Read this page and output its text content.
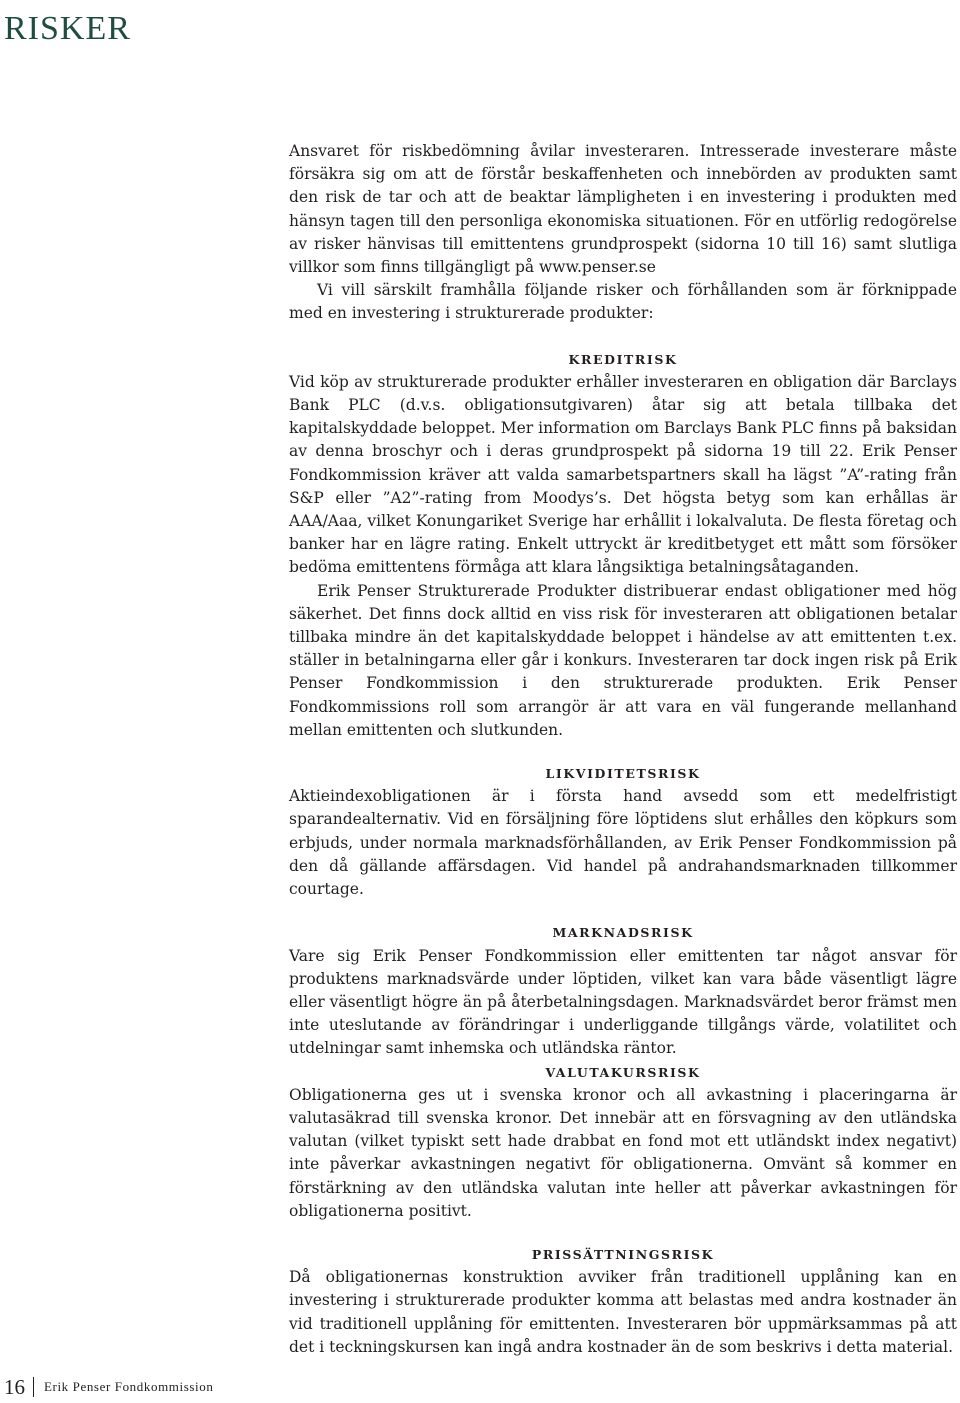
RISKER

Ansvaret för riskbedömning åvilar investeraren. Intresserade investerare måste försäkra sig om att de förstår beskaffenheten och innebörden av produkten samt den risk de tar och att de beaktar lämpligheten i en investering i produkten med hänsyn tagen till den personliga ekonomiska situationen. För en utförlig redogörelse av risker hänvisas till emittentens grundprospekt (sidorna 10 till 16) samt slutliga villkor som finns tillgängligt på www.penser.se

Vi vill särskilt framhålla följande risker och förhållanden som är förknippade med en investering i strukturerade produkter:

KREDITRISK

Vid köp av strukturerade produkter erhåller investeraren en obligation där Barclays Bank PLC (d.v.s. obligationsutgivaren) åtar sig att betala tillbaka det kapitalskyddade beloppet. Mer information om Barclays Bank PLC finns på baksidan av denna broschyr och i deras grundprospekt på sidorna 19 till 22. Erik Penser Fondkommission kräver att valda samarbetspartners skall ha lägst ”A”-rating från S&P eller ”A2”-rating from Moodys’s. Det högsta betyg som kan erhållas är AAA/Aaa, vilket Konungariket Sverige har erhållit i lokalvaluta. De flesta företag och banker har en lägre rating. Enkelt uttryckt är kreditbetyget ett mått som försöker bedöma emittentens förmåga att klara långsiktiga betalningsåtaganden.

Erik Penser Strukturerade Produkter distribuerar endast obligationer med hög säkerhet. Det finns dock alltid en viss risk för investeraren att obligationen betalar tillbaka mindre än det kapitalskyddade beloppet i händelse av att emittenten t.ex. ställer in betalningarna eller går i konkurs. Investeraren tar dock ingen risk på Erik Penser Fondkommission i den strukturerade produkten. Erik Penser Fondkommissions roll som arrangör är att vara en väl fungerande mellanhand mellan emittenten och slutkunden.

LIKVIDITETSRISK

Aktieindexobligationen är i första hand avsedd som ett medelfristigt sparandealternativ. Vid en försäljning före löptidens slut erhålles den köpkurs som erbjuds, under normala marknadsförhållanden, av Erik Penser Fondkommission på den då gällande affärsdagen. Vid handel på andrahandsmarknaden tillkommer courtage.

MARKNADSRISK

Vare sig Erik Penser Fondkommission eller emittenten tar något ansvar för produktens marknadsvärde under löptiden, vilket kan vara både väsentligt lägre eller väsentligt högre än på återbetalningsdagen. Marknadsvärdet beror främst men inte uteslutande av förändringar i underliggande tillgångs värde, volatilitet och utdelningar samt inhemska och utländska räntor.

VALUTAKURSRISK

Obligationerna ges ut i svenska kronor och all avkastning i placeringarna är valutasäkrad till svenska kronor. Det innebär att en försvagning av den utländska valutan (vilket typiskt sett hade drabbat en fond mot ett utländskt index negativt) inte påverkar avkastningen negativt för obligationerna. Omvänt så kommer en förstärkning av den utländska valutan inte heller att påverkar avkastningen för obligationerna positivt.

PRISSÄTTNINGSRISK

Då obligationernas konstruktion avviker från traditionell upplåning kan en investering i strukturerade produkter komma att belastas med andra kostnader än vid traditionell upplåning för emittenten. Investeraren bör uppmärksammas på att det i teckningskursen kan ingå andra kostnader än de som beskrivs i detta material.

16 Erik Penser Fondkommission
